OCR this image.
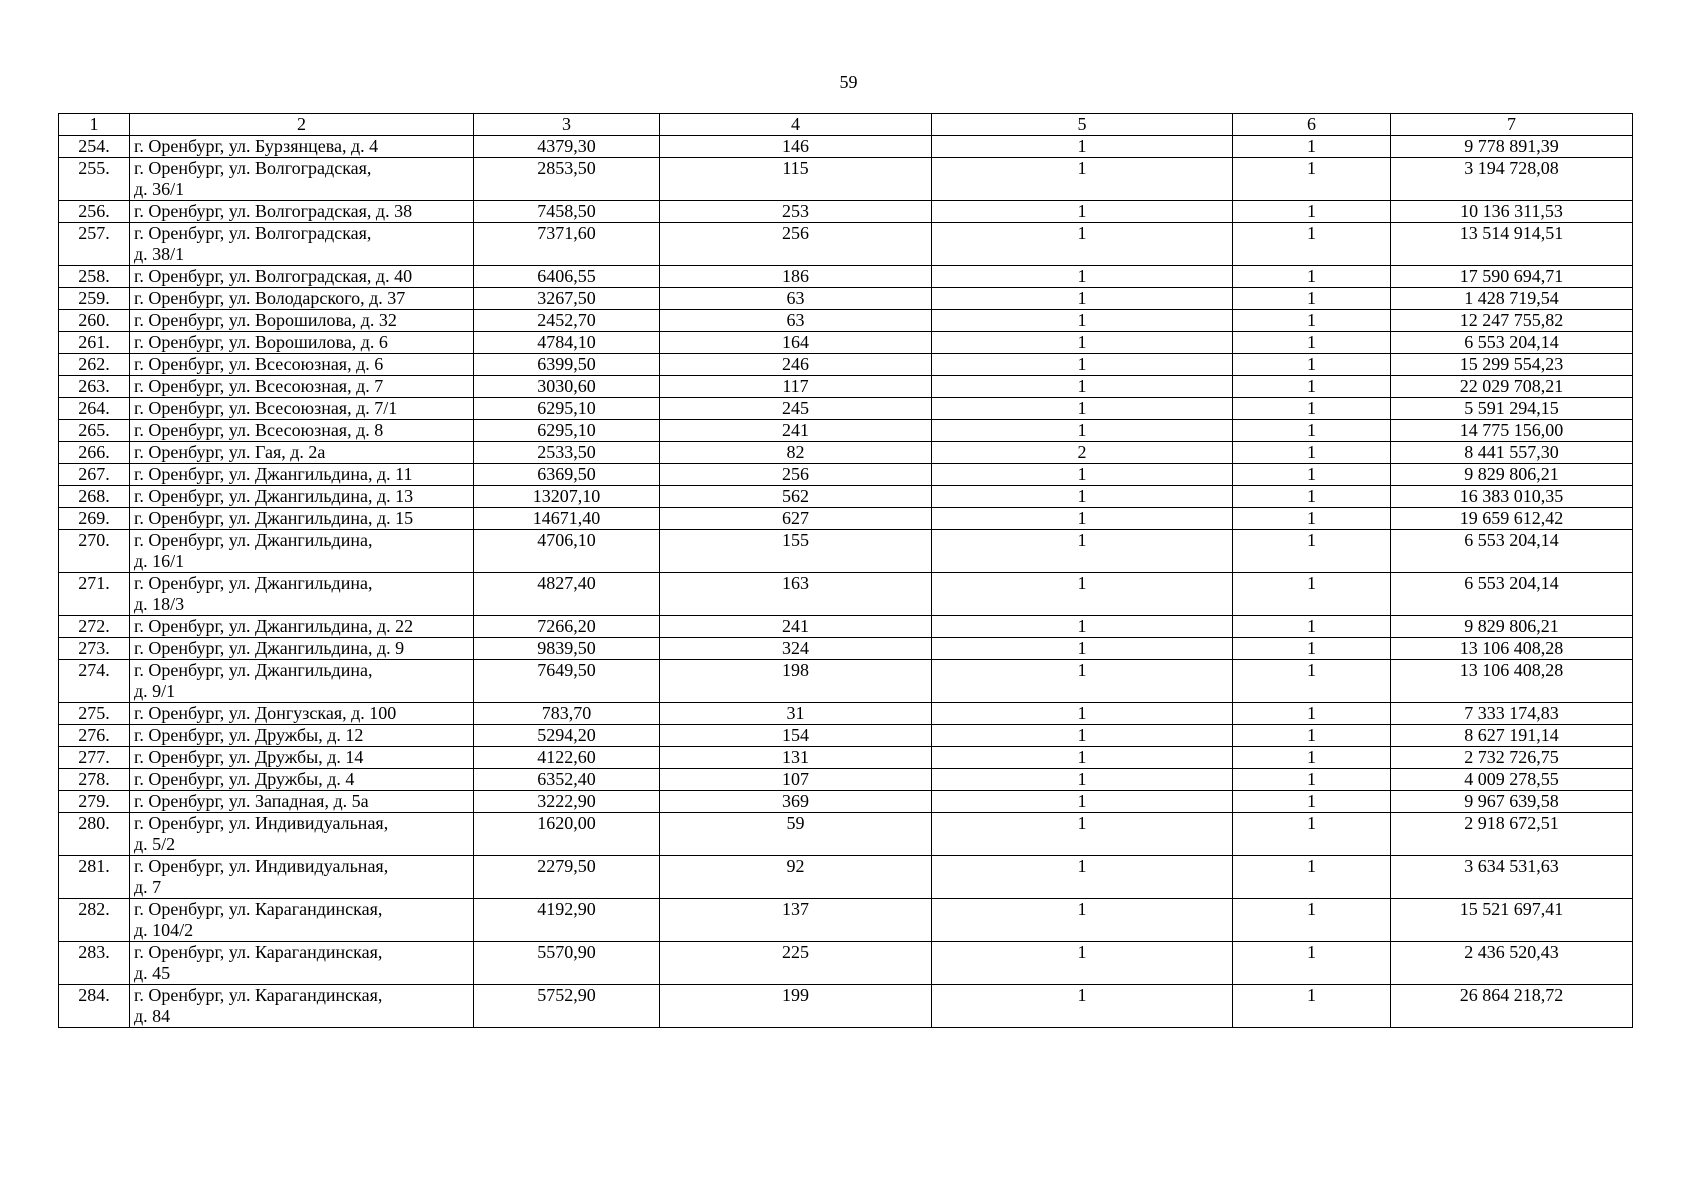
59
1	2	3	4	5	6	7
254.	г. Оренбург, ул. Бурзянцева, д. 4	4379,30	146	1	1	9 778 891,39
255.	г. Оренбург, ул. Волгоградская,
д. 36/1	2853,50	115	1	1	3 194 728,08
256.	г. Оренбург, ул. Волгоградская, д. 38	7458,50	253	1	1	10 136 311,53
257.	г. Оренбург, ул. Волгоградская,
д. 38/1	7371,60	256	1	1	13 514 914,51
258.	г. Оренбург, ул. Волгоградская, д. 40	6406,55	186	1	1	17 590 694,71
259.	г. Оренбург, ул. Володарского, д. 37	3267,50	63	1	1	1 428 719,54
260.	г. Оренбург, ул. Ворошилова, д. 32	2452,70	63	1	1	12 247 755,82
261.	г. Оренбург, ул. Ворошилова, д. 6	4784,10	164	1	1	6 553 204,14
262.	г. Оренбург, ул. Всесоюзная, д. 6	6399,50	246	1	1	15 299 554,23
263.	г. Оренбург, ул. Всесоюзная, д. 7	3030,60	117	1	1	22 029 708,21
264.	г. Оренбург, ул. Всесоюзная, д. 7/1	6295,10	245	1	1	5 591 294,15
265.	г. Оренбург, ул. Всесоюзная, д. 8	6295,10	241	1	1	14 775 156,00
266.	г. Оренбург, ул. Гая, д. 2а	2533,50	82	2	1	8 441 557,30
267.	г. Оренбург, ул. Джангильдина, д. 11	6369,50	256	1	1	9 829 806,21
268.	г. Оренбург, ул. Джангильдина, д. 13	13207,10	562	1	1	16 383 010,35
269.	г. Оренбург, ул. Джангильдина, д. 15	14671,40	627	1	1	19 659 612,42
270.	г. Оренбург, ул. Джангильдина,
д. 16/1	4706,10	155	1	1	6 553 204,14
271.	г. Оренбург, ул. Джангильдина,
д. 18/3	4827,40	163	1	1	6 553 204,14
272.	г. Оренбург, ул. Джангильдина, д. 22	7266,20	241	1	1	9 829 806,21
273.	г. Оренбург, ул. Джангильдина, д. 9	9839,50	324	1	1	13 106 408,28
274.	г. Оренбург, ул. Джангильдина,
д. 9/1	7649,50	198	1	1	13 106 408,28
275.	г. Оренбург, ул. Донгузская, д. 100	783,70	31	1	1	7 333 174,83
276.	г. Оренбург, ул. Дружбы, д. 12	5294,20	154	1	1	8 627 191,14
277.	г. Оренбург, ул. Дружбы, д. 14	4122,60	131	1	1	2 732 726,75
278.	г. Оренбург, ул. Дружбы, д. 4	6352,40	107	1	1	4 009 278,55
279.	г. Оренбург, ул. Западная, д. 5а	3222,90	369	1	1	9 967 639,58
280.	г. Оренбург, ул. Индивидуальная,
д. 5/2	1620,00	59	1	1	2 918 672,51
281.	г. Оренбург, ул. Индивидуальная,
д. 7	2279,50	92	1	1	3 634 531,63
282.	г. Оренбург, ул. Карагандинская,
д. 104/2	4192,90	137	1	1	15 521 697,41
283.	г. Оренбург, ул. Карагандинская,
д. 45	5570,90	225	1	1	2 436 520,43
284.	г. Оренбург, ул. Карагандинская,
д. 84	5752,90	199	1	1	26 864 218,72
